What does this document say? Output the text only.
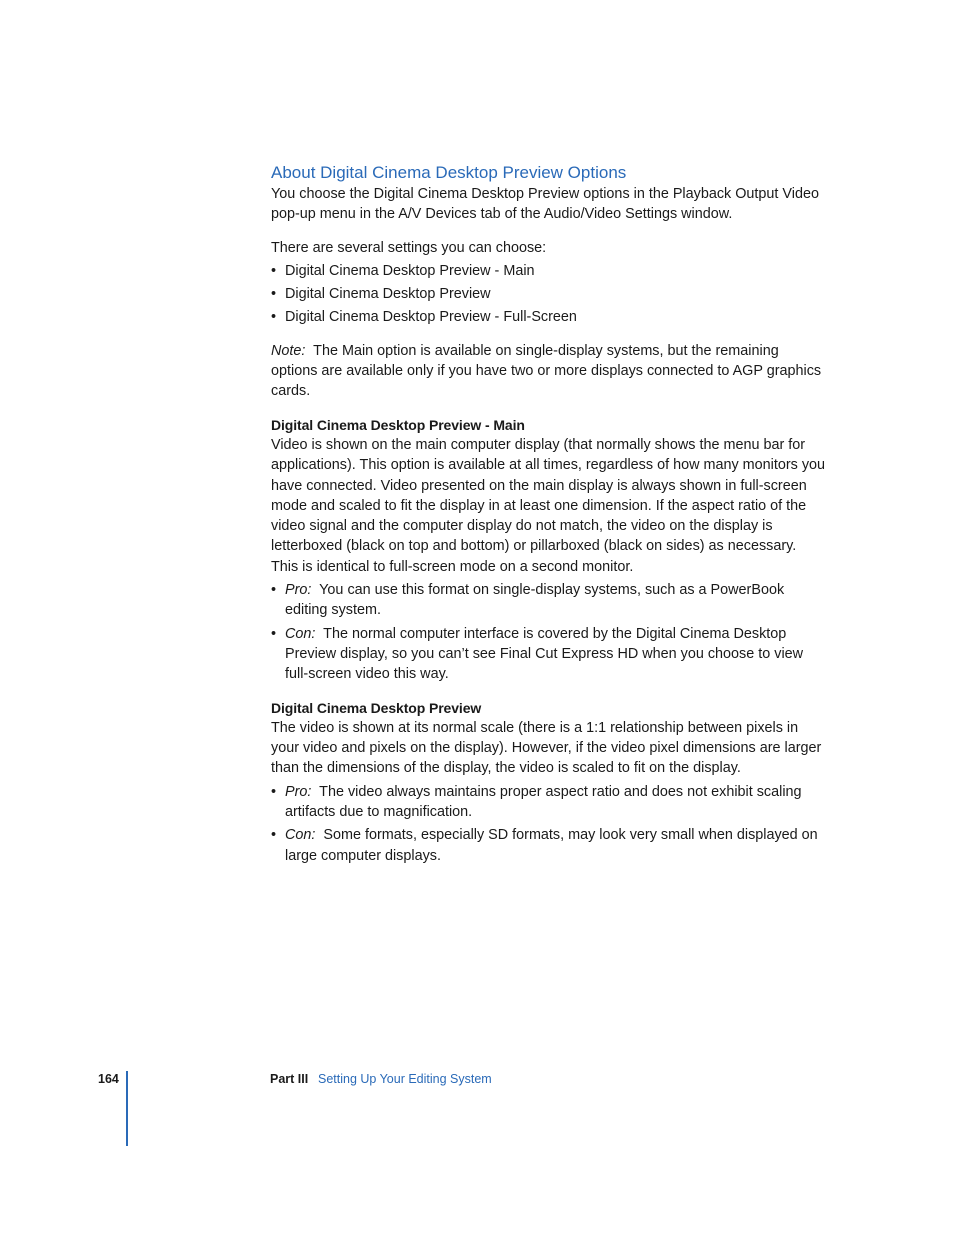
About Digital Cinema Desktop Preview Options

You choose the Digital Cinema Desktop Preview options in the Playback Output Video pop-up menu in the A/V Devices tab of the Audio/Video Settings window.

There are several settings you can choose:

• Digital Cinema Desktop Preview - Main
• Digital Cinema Desktop Preview
• Digital Cinema Desktop Preview - Full-Screen

Note: The Main option is available on single-display systems, but the remaining options are available only if you have two or more displays connected to AGP graphics cards.

Digital Cinema Desktop Preview - Main

Video is shown on the main computer display (that normally shows the menu bar for applications). This option is available at all times, regardless of how many monitors you have connected. Video presented on the main display is always shown in full-screen mode and scaled to fit the display in at least one dimension. If the aspect ratio of the video signal and the computer display do not match, the video on the display is letterboxed (black on top and bottom) or pillarboxed (black on sides) as necessary. This is identical to full-screen mode on a second monitor.

• Pro: You can use this format on single-display systems, such as a PowerBook editing system.
• Con: The normal computer interface is covered by the Digital Cinema Desktop Preview display, so you can’t see Final Cut Express HD when you choose to view full-screen video this way.

Digital Cinema Desktop Preview

The video is shown at its normal scale (there is a 1:1 relationship between pixels in your video and pixels on the display). However, if the video pixel dimensions are larger than the dimensions of the display, the video is scaled to fit on the display.

• Pro: The video always maintains proper aspect ratio and does not exhibit scaling artifacts due to magnification.
• Con: Some formats, especially SD formats, may look very small when displayed on large computer displays.
164	Part III Setting Up Your Editing System
